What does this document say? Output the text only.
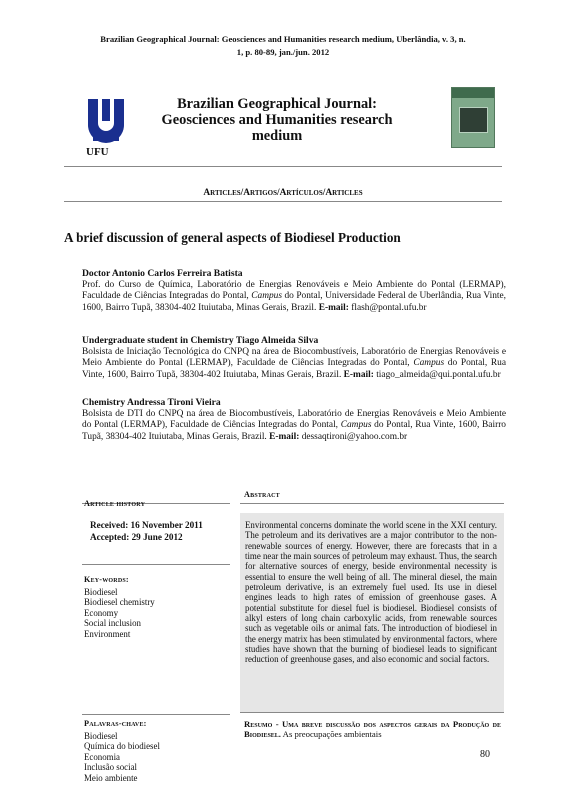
Brazilian Geographical Journal: Geosciences and Humanities research medium, Uberlândia, v. 3, n.
1, p. 80-89, jan./jun. 2012
UFU
Brazilian Geographical Journal:
Geosciences and Humanities research
medium
Articles/Artigos/Artículos/Articles
A brief discussion of general aspects of Biodiesel Production
Doctor Antonio Carlos Ferreira Batista
Prof. do Curso de Química, Laboratório de Energias Renováveis e Meio Ambiente do Pontal (LERMAP), Faculdade de Ciências Integradas do Pontal, Campus do Pontal, Universidade Federal de Uberlândia, Rua Vinte, 1600, Bairro Tupã, 38304-402 Ituiutaba, Minas Gerais, Brazil. E-mail: flash@pontal.ufu.br
Undergraduate student in Chemistry Tiago Almeida Silva
Bolsista de Iniciação Tecnológica do CNPQ na área de Biocombustíveis, Laboratório de Energias Renováveis e Meio Ambiente do Pontal (LERMAP), Faculdade de Ciências Integradas do Pontal, Campus do Pontal, Rua Vinte, 1600, Bairro Tupã, 38304-402 Ituiutaba, Minas Gerais, Brazil. E-mail: tiago_almeida@qui.pontal.ufu.br
Chemistry Andressa Tironi Vieira
Bolsista de DTI do CNPQ na área de Biocombustíveis, Laboratório de Energias Renováveis e Meio Ambiente do Pontal (LERMAP), Faculdade de Ciências Integradas do Pontal, Campus do Pontal, Rua Vinte, 1600, Bairro Tupã, 38304-402 Ituiutaba, Minas Gerais, Brazil. E-mail: dessaqtironi@yahoo.com.br
Abstract
Article history
Received: 16 November 2011
Accepted: 29 June 2012
Key-words:
Biodiesel
Biodiesel chemistry
Economy
Social inclusion
Environment
Environmental concerns dominate the world scene in the XXI century. The petroleum and its derivatives are a major contributor to the non-renewable sources of energy. However, there are forecasts that in a time near the main sources of petroleum may exhaust. Thus, the search for alternative sources of energy, beside environmental necessity is essential to ensure the well being of all. The mineral diesel, the main petroleum derivative, is an extremely fuel used. Its use in diesel engines leads to high rates of emission of greenhouse gases. A potential substitute for diesel fuel is biodiesel. Biodiesel consists of alkyl esters of long chain carboxylic acids, from renewable sources such as vegetable oils or animal fats. The introduction of biodiesel in the energy matrix has been stimulated by environmental factors, where studies have shown that the burning of biodiesel leads to significant reduction of greenhouse gases, and also economic and social factors.
Resumo - Uma breve discussão dos aspectos gerais da Produção de Biodiesel. As preocupações ambientais
Palavras-chave:
Biodiesel
Química do biodiesel
Economia
Inclusão social
Meio ambiente
80
